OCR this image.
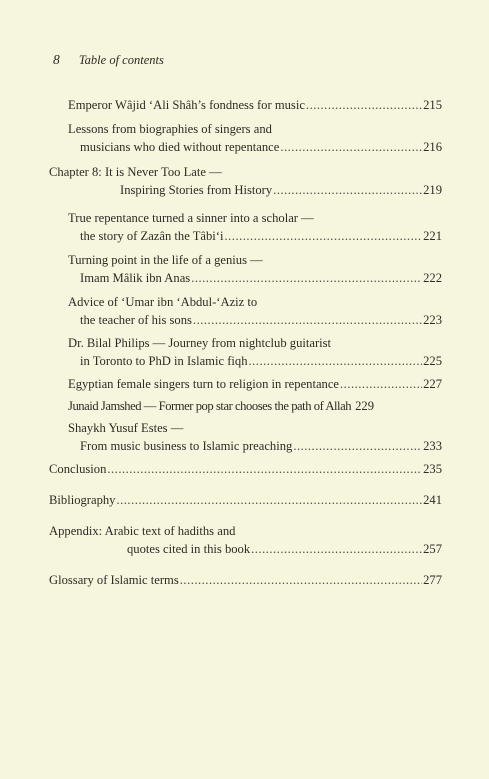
8 Table of contents
Emperor Wâjid ‘Ali Shâh’s fondness for music .....	215
Lessons from biographies of singers and
musicians who died without repentance .....	216
Chapter 8: It is Never Too Late —
Inspiring Stories from History .....	219
True repentance turned a sinner into a scholar —
the story of Zazân the Tâbi‘i .....	221
Turning point in the life of a genius —
Imam Mâlik ibn Anas .....	222
Advice of ‘Umar ibn ‘Abdul-‘Aziz to
the teacher of his sons .....	223
Dr. Bilal Philips — Journey from nightclub guitarist
in Toronto to PhD in Islamic fiqh .....	225
Egyptian female singers turn to religion in repentance .....	227
Junaid Jamshed — Former pop star chooses the path of Allah 229
Shaykh Yusuf Estes —
From music business to Islamic preaching .....	233
Conclusion .....	235
Bibliography .....	241
Appendix: Arabic text of hadiths and
quotes cited in this book .....	257
Glossary of Islamic terms .....	277
